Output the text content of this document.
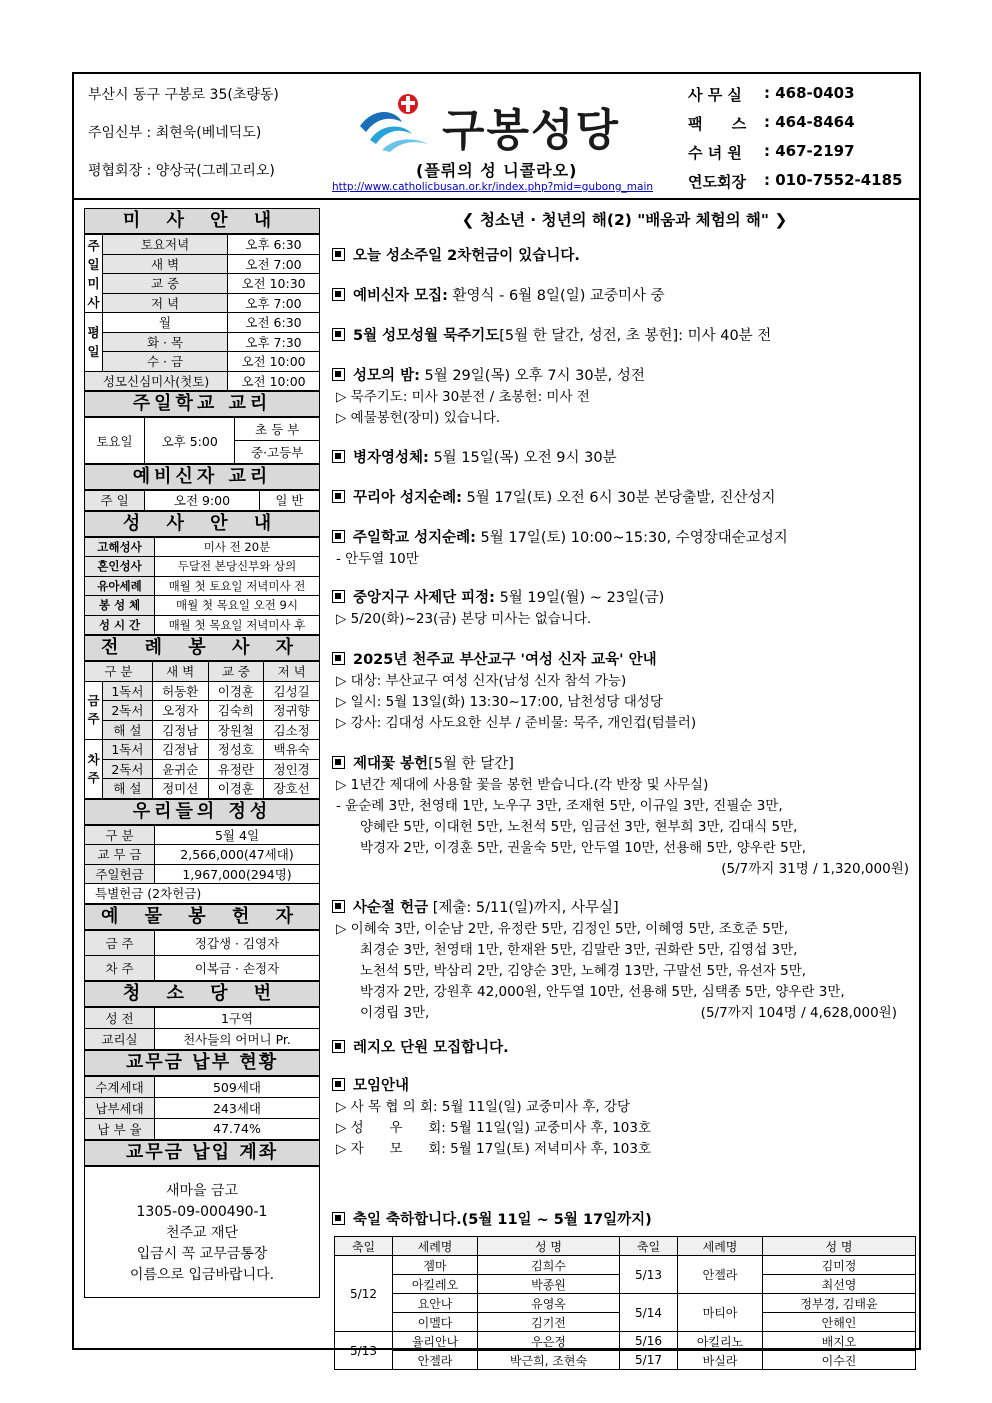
부산시 동구 구봉로 35(초량동)
주임신부 : 최현욱(베네딕도)
평협회장 : 양상국(그레고리오)
구봉성당
(플뤼의 성 니콜라오)
http://www.catholicbusan.or.kr/index.php?mid=gubong_main
사 무 실	: 468-0403
팩 스 : 464-8464
수 녀 원	: 467-2197
연도회장	: 010-7552-4185
미 사 안 내
주
일
미
사	토요저녁	오후 6:30
	새 벽	오전 7:00
	교 중	오전 10:30
	저 녁	오후 7:00
평
일	월	오전 6:30
	화 · 목	오후 7:30
	수 · 금	오전 10:00
성모신심미사(첫토)		오전 10:00
주일학교 교리
토요일	오후 5:00	초 등 부
중·고등부
예비신자 교리
주 일	오전 9:00	일 반
성 사 안 내
고해성사	미사 전 20분
혼인성사	두달전 본당신부와 상의
유아세례	매월 첫 토요일 저녁미사 전
봉 성 체	매월 첫 목요일 오전 9시
성 시 간	매월 첫 목요일 저녁미사 후
전 례 봉 사 자
구 분		새 벽	교 중	저 녁
금주	1독서	허동환	이경훈	김성길
	2독서	오정자	김숙희	정귀향
	해 설	김정남	장원철	김소정
차주	1독서	김정남	정성호	백유숙
	2독서	윤귀순	유정란	정인경
	해 설	정미선	이경훈	장호선
우리들의 정성
구 분	5월 4일
교 무 금	2,566,000(47세대)
주일헌금	1,967,000(294명)
특별헌금 (2차헌금)	
예 물 봉 헌 자
금 주	정갑생 · 김영자
차 주	이복금 · 손정자
청 소 당 번
성 전	1구역
교리실	천사들의 어머니 Pr.
교무금 납부 현황
수계세대	509세대
납부세대	243세대
납 부 율	47.74%
교무금 납입 계좌
새마을 금고
1305-09-000490-1
천주교 재단
입금시 꼭 교무금통장
이름으로 입금바랍니다.
❮ 청소년 · 청년의 해(2) "배움과 체험의 해" ❯
오늘 성소주일 2차헌금이 있습니다.
예비신자 모집: 환영식 - 6월 8일(일) 교중미사 중
5월 성모성월 묵주기도[5월 한 달간, 성전, 초 봉헌]: 미사 40분 전
성모의 밤: 5월 29일(목) 오후 7시 30분, 성전
▷ 묵주기도: 미사 30분전 / 초봉헌: 미사 전
▷ 예물봉헌(장미) 있습니다.
병자영성체: 5월 15일(목) 오전 9시 30분
꾸리아 성지순례: 5월 17일(토) 오전 6시 30분 본당출발, 진산성지
주일학교 성지순례: 5월 17일(토) 10:00~15:30, 수영장대순교성지
- 안두열 10만
중앙지구 사제단 피정: 5월 19일(월) ~ 23일(금)
▷ 5/20(화)~23(금) 본당 미사는 없습니다.
2025년 천주교 부산교구 '여성 신자 교육' 안내
▷ 대상: 부산교구 여성 신자(남성 신자 참석 가능)
▷ 일시: 5월 13일(화) 13:30~17:00, 남천성당 대성당
▷ 강사: 김대성 사도요한 신부 / 준비물: 묵주, 개인컵(텀블러)
제대꽃 봉헌[5월 한 달간]
▷ 1년간 제대에 사용할 꽃을 봉헌 받습니다.(각 반장 및 사무실)
- 윤순례 3만, 천영태 1만, 노우구 3만, 조재현 5만, 이규일 3만, 진필순 3만,
양혜란 5만, 이대헌 5만, 노천석 5만, 임금선 3만, 현부희 3만, 김대식 5만,
박경자 2만, 이경훈 5만, 권울숙 5만, 안두열 10만, 선용해 5만, 양우란 5만,
(5/7까지 31명 / 1,320,000원)
사순절 헌금 [제출: 5/11(일)까지, 사무실]
▷ 이혜숙 3만, 이순남 2만, 유정란 5만, 김정인 5만, 이혜영 5만, 조호준 5만,
최경순 3만, 천영태 1만, 한재완 5만, 김말란 3만, 권화란 5만, 김영섭 3만,
노천석 5만, 박삼리 2만, 김양순 3만, 노혜경 13만, 구말선 5만, 유선자 5만,
박경자 2만, 강원후 42,000원, 안두열 10만, 선용해 5만, 심택종 5만, 양우란 3만,
이경립 3만,	(5/7까지 104명 / 4,628,000원)
레지오 단원 모집합니다.
모임안내
▷ 사 목 협 의 회: 5월 11일(일) 교중미사 후, 강당
▷ 성      우      회: 5월 11일(일) 교중미사 후, 103호
▷ 자      모      회: 5월 17일(토) 저녁미사 후, 103호
축일 축하합니다.(5월 11일 ~ 5월 17일까지)
축일	세례명	성 명	축일	세례명	성 명
5/12	젬마	김희수	5/13	안젤라	김미정
	아킬레오	박종원			최선영
	요안나	유영옥	5/14	마티아	정부경, 김태윤
	이멜다	김기전			안해인
5/13	율리안나	우은정	5/16	아킬리노	배지오
	안젤라	박근희, 조현숙	5/17	바실라	이수진
